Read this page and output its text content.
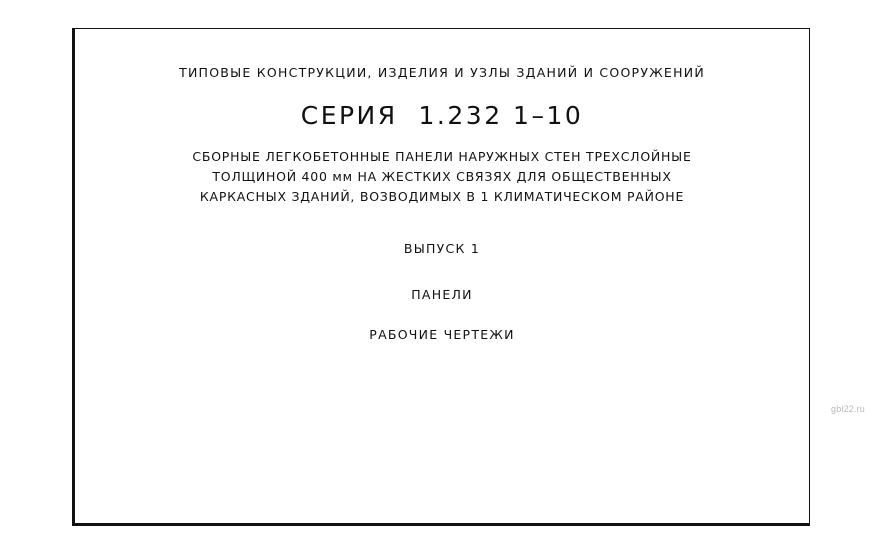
ТИПОВЫЕ КОНСТРУКЦИИ, ИЗДЕЛИЯ И УЗЛЫ ЗДАНИЙ И СООРУЖЕНИЙ
СЕРИЯ  1.232 1–10
СБОРНЫЕ ЛЕГКОБЕТОННЫЕ ПАНЕЛИ НАРУЖНЫХ СТЕН ТРЕХСЛОЙНЫЕ
ТОЛЩИНОЙ 400 мм НА ЖЕСТКИХ СВЯЗЯХ ДЛЯ ОБЩЕСТВЕННЫХ
КАРКАСНЫХ ЗДАНИЙ, ВОЗВОДИМЫХ В 1 КЛИМАТИЧЕСКОМ РАЙОНЕ
ВЫПУСК 1
ПАНЕЛИ
РАБОЧИЕ ЧЕРТЕЖИ
gbi22.ru
